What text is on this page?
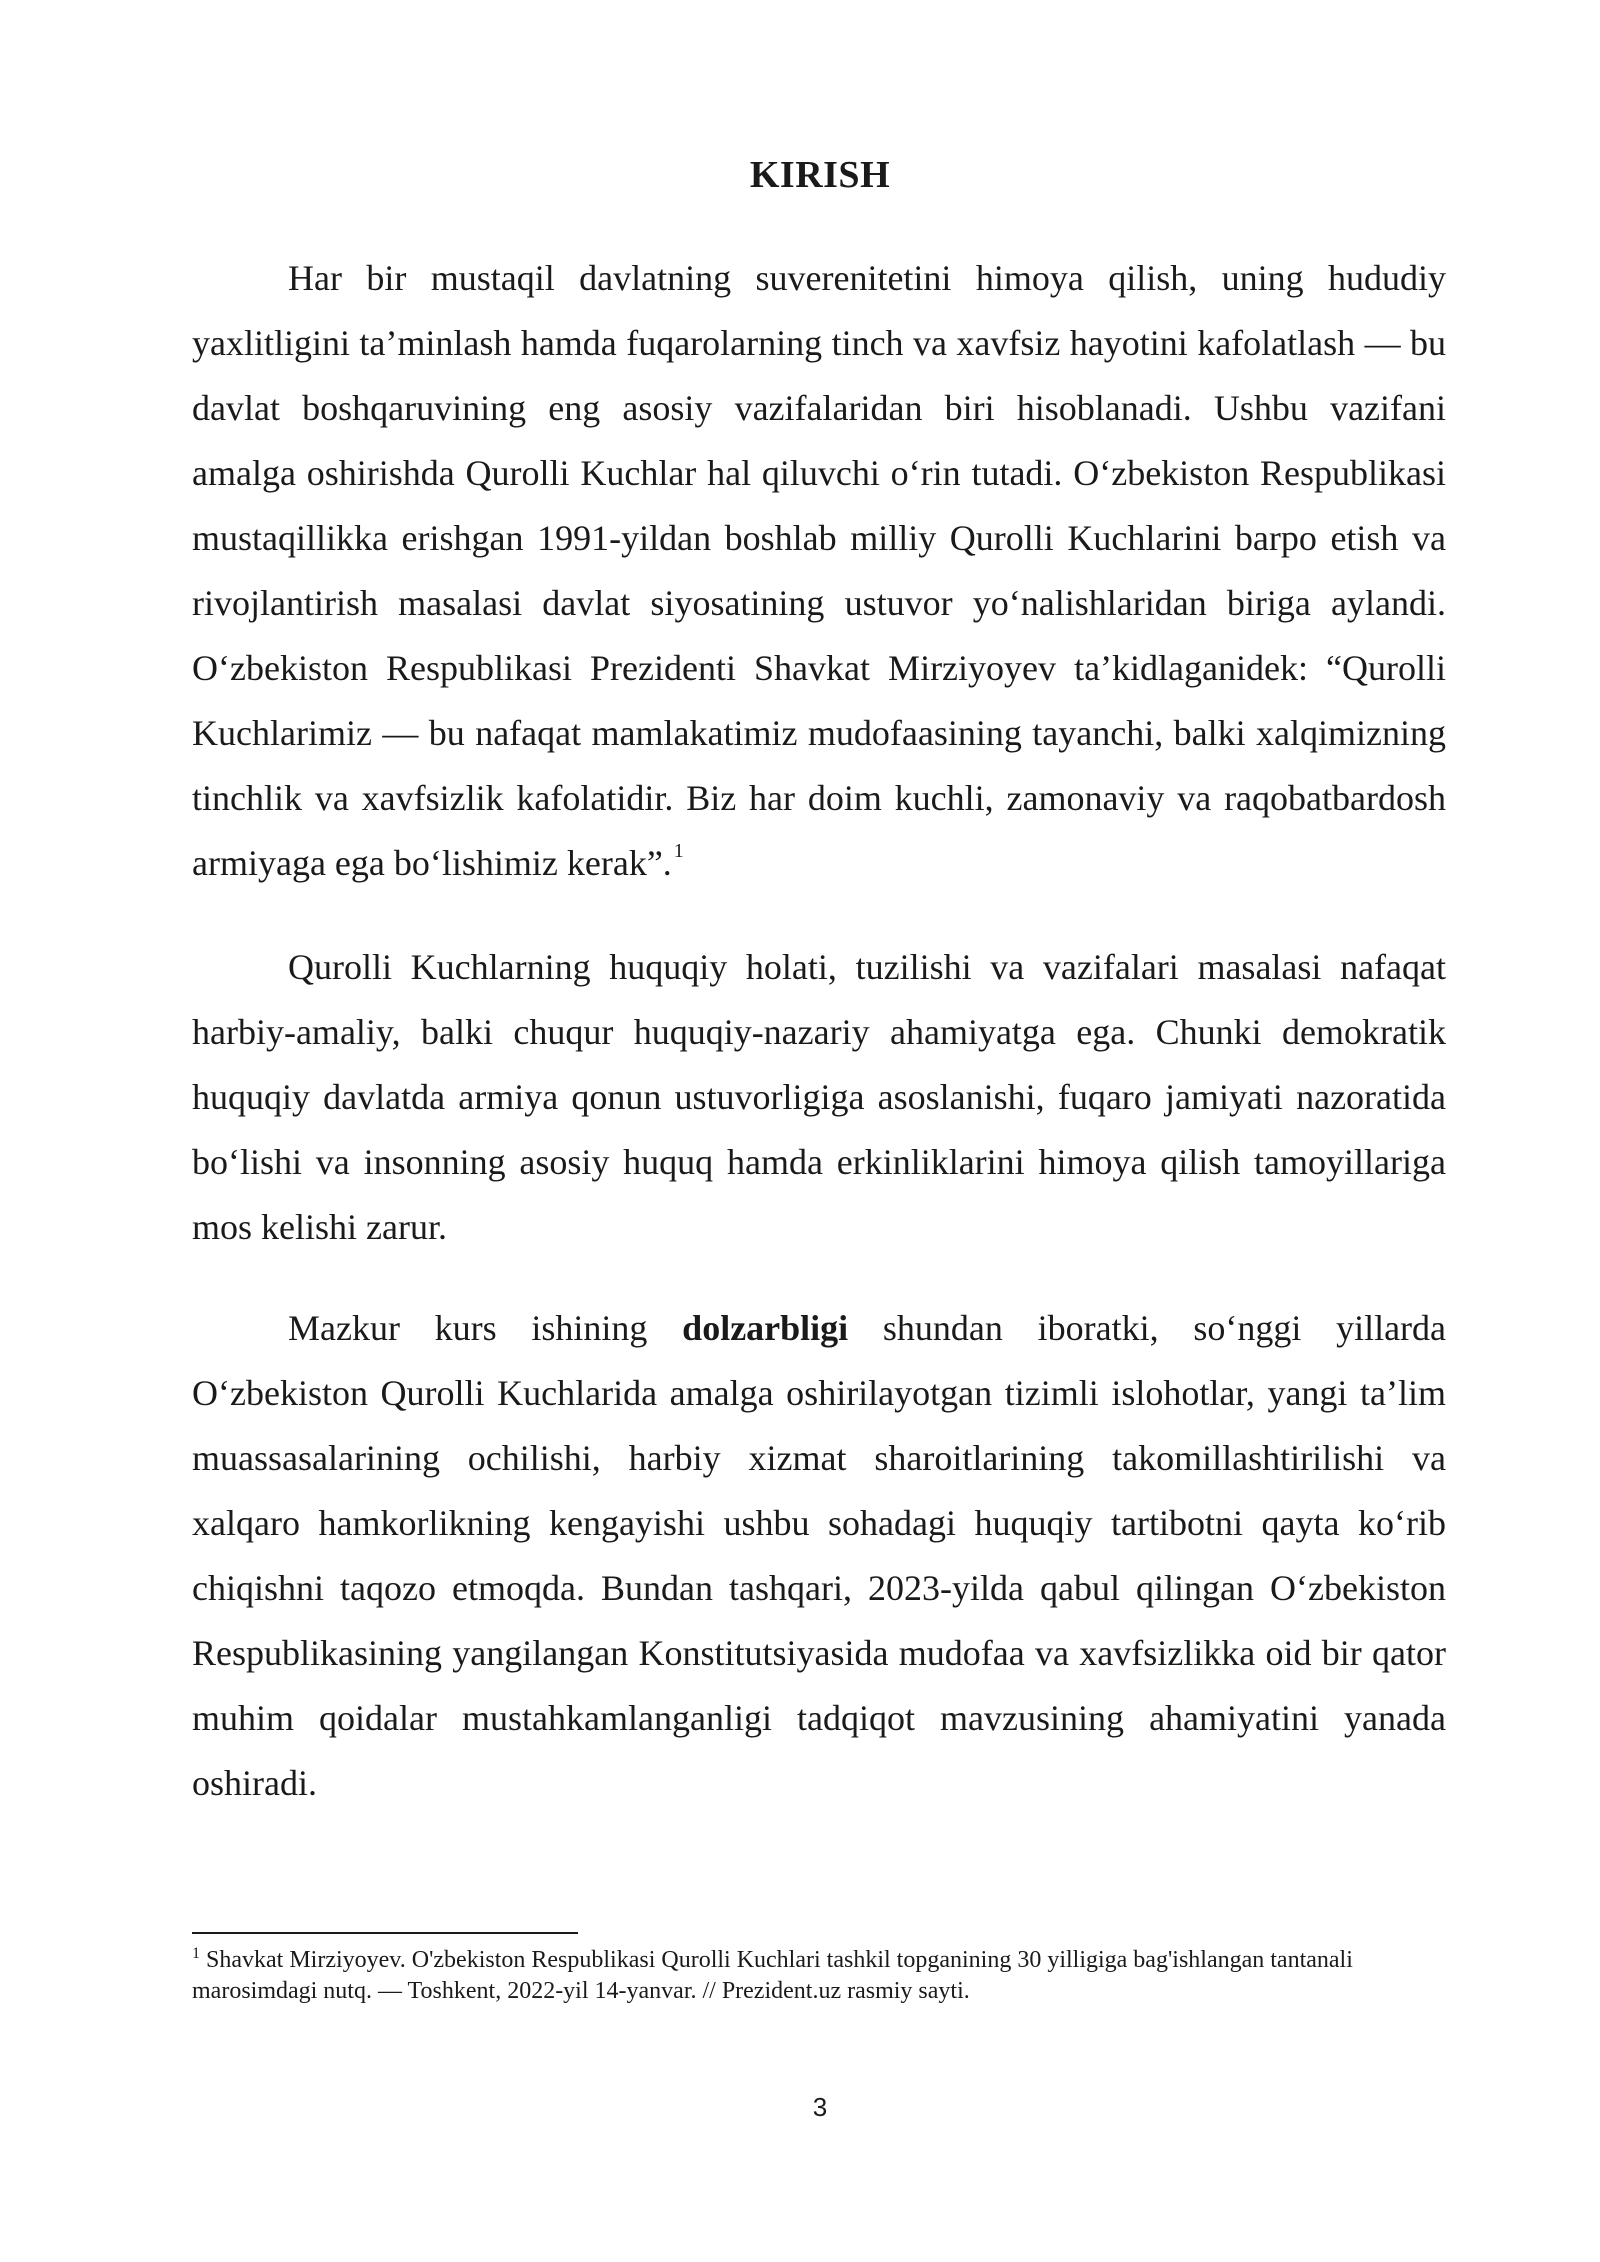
KIRISH
Har bir mustaqil davlatning suverenitetini himoya qilish, uning hududiy yaxlitligini ta’minlash hamda fuqarolarning tinch va xavfsiz hayotini kafolatlash — bu davlat boshqaruvining eng asosiy vazifalaridan biri hisoblanadi. Ushbu vazifani amalga oshirishda Qurolli Kuchlar hal qiluvchi o‘rin tutadi. O‘zbekiston Respublikasi mustaqillikka erishgan 1991-yildan boshlab milliy Qurolli Kuchlarini barpo etish va rivojlantirish masalasi davlat siyosatining ustuvor yo‘nalishlaridan biriga aylandi. O‘zbekiston Respublikasi Prezidenti Shavkat Mirziyoyev ta’kidlaganidek: “Qurolli Kuchlarimiz — bu nafaqat mamlakatimiz mudofaasining tayanchi, balki xalqimizning tinchlik va xavfsizlik kafolatidir. Biz har doim kuchli, zamonaviy va raqobatbardosh armiyaga ega bo‘lishimiz kerak”. $^1$
Qurolli Kuchlarning huquqiy holati, tuzilishi va vazifalari masalasi nafaqat harbiy-amaliy, balki chuqur huquqiy-nazariy ahamiyatga ega. Chunki demokratik huquqiy davlatda armiya qonun ustuvorligiga asoslanishi, fuqaro jamiyati nazoratida bo‘lishi va insonning asosiy huquq hamda erkinliklarini himoya qilish tamoyillariga mos kelishi zarur.
Mazkur kurs ishining dolzarbligi shundan iboratki, so‘nggi yillarda O‘zbekiston Qurolli Kuchlarida amalga oshirilayotgan tizimli islohotlar, yangi ta’lim muassasalarining ochilishi, harbiy xizmat sharoitlarining takomillashtirilishi va xalqaro hamkorlikning kengayishi ushbu sohadagi huquqiy tartibotni qayta ko‘rib chiqishni taqozo etmoqda. Bundan tashqari, 2023-yilda qabul qilingan O‘zbekiston Respublikasining yangilangan Konstitutsiyasida mudofaa va xavfsizlikka oid bir qator muhim qoidalar mustahkamlanganligi tadqiqot mavzusining ahamiyatini yanada oshiradi.
$^1$ Shavkat Mirziyoyev. O'zbekiston Respublikasi Qurolli Kuchlari tashkil topganining 30 yilligiga bag'ishlangan tantanali marosimdagi nutq. — Toshkent, 2022-yil 14-yanvar. // Prezident.uz rasmiy sayti.
3
